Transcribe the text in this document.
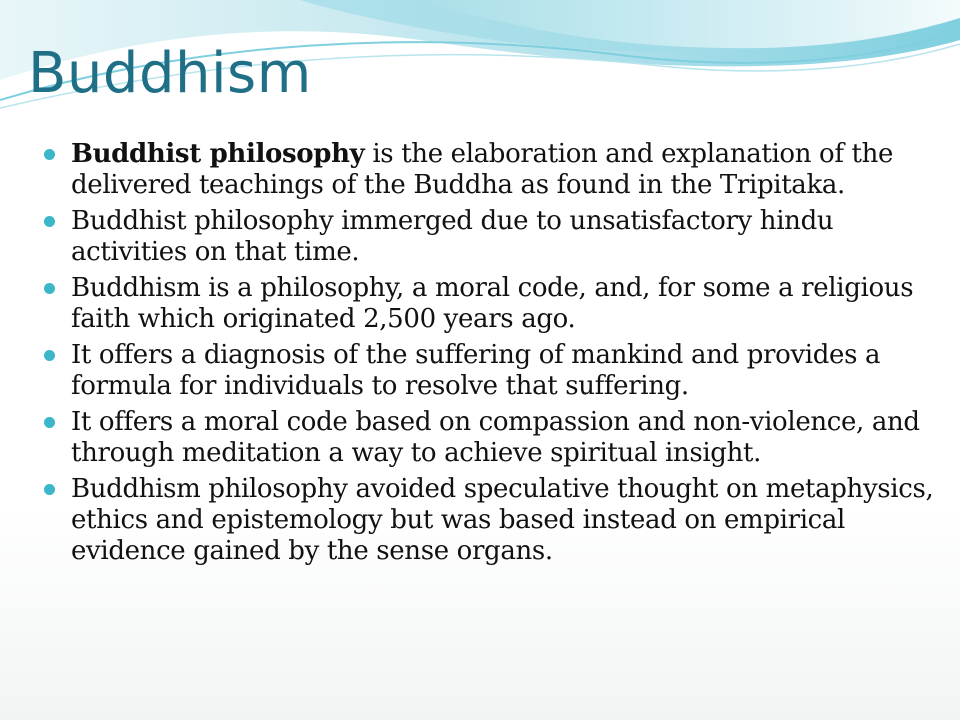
Buddhism
Buddhist philosophy is the elaboration and explanation of the delivered teachings of the Buddha as found in the Tripitaka.
Buddhist philosophy immerged due to unsatisfactory hindu activities on that time.
Buddhism is a philosophy, a moral code, and, for some a religious faith which originated 2,500 years ago.
It offers a diagnosis of the suffering of mankind and provides a formula for individuals to resolve that suffering.
It offers a moral code based on compassion and non-violence, and through meditation a way to achieve spiritual insight.
Buddhism philosophy avoided speculative thought on metaphysics, ethics and epistemology but was based instead on empirical evidence gained by the sense organs.
